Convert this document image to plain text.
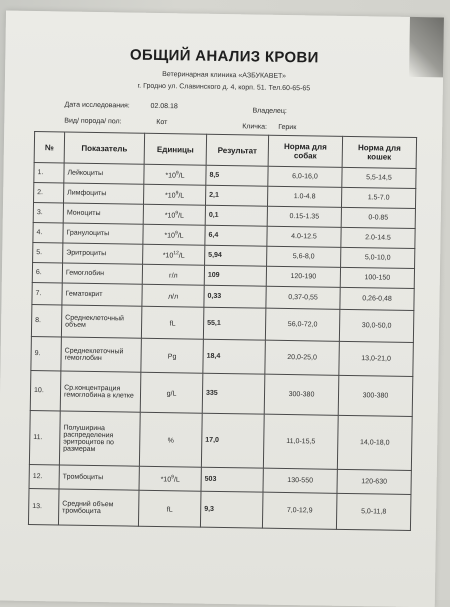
ОБЩИЙ АНАЛИЗ КРОВИ
Ветеринарная клиника «АЗБУКАВЕТ»
г. Гродно ул. Славинского д. 4, корп. 51. Тел.60-65-65
Дата исследования:	02.08.18
Владелец:
Вид/ порода/ пол:	Кот
Кличка: Герик
№	Показатель	Единицы	Результат	Норма для собак	Норма для кошек
1.	Лейкоциты	$*10^9/L$	8,5	6,0-16,0	5,5-14,5
2.	Лимфоциты	$*10^9/L$	2,1	1.0-4.8	1.5-7.0
3.	Моноциты	$*10^9/L$	0,1	0.15-1.35	0-0.85
4.	Гранулоциты	$*10^9/L$	6,4	4.0-12.5	2.0-14.5
5.	Эритроциты	$*10^{12}/L$	5,94	5,6-8,0	5,0-10,0
6.	Гемоглобин	г/л	109	120-190	100-150
7.	Гематокрит	л/л	0,33	0,37-0,55	0,26-0,48
8.	Среднеклеточный объем	fL	55,1	56,0-72,0	30,0-50,0
9.	Среднеклеточный гемоглобин	Pg	18,4	20,0-25,0	13,0-21,0
10.	Ср.концентрация гемоглобина в клетке	g/L	335	300-380	300-380
11.	Полуширина распределения эритроцитов по размерам	%	17,0	11,0-15,5	14,0-18,0
12.	Тромбоциты	$*10^9/L$	503	130-550	120-630
13.	Средний объем тромбоцита	fL	9,3	7,0-12,9	5,0-11,8
